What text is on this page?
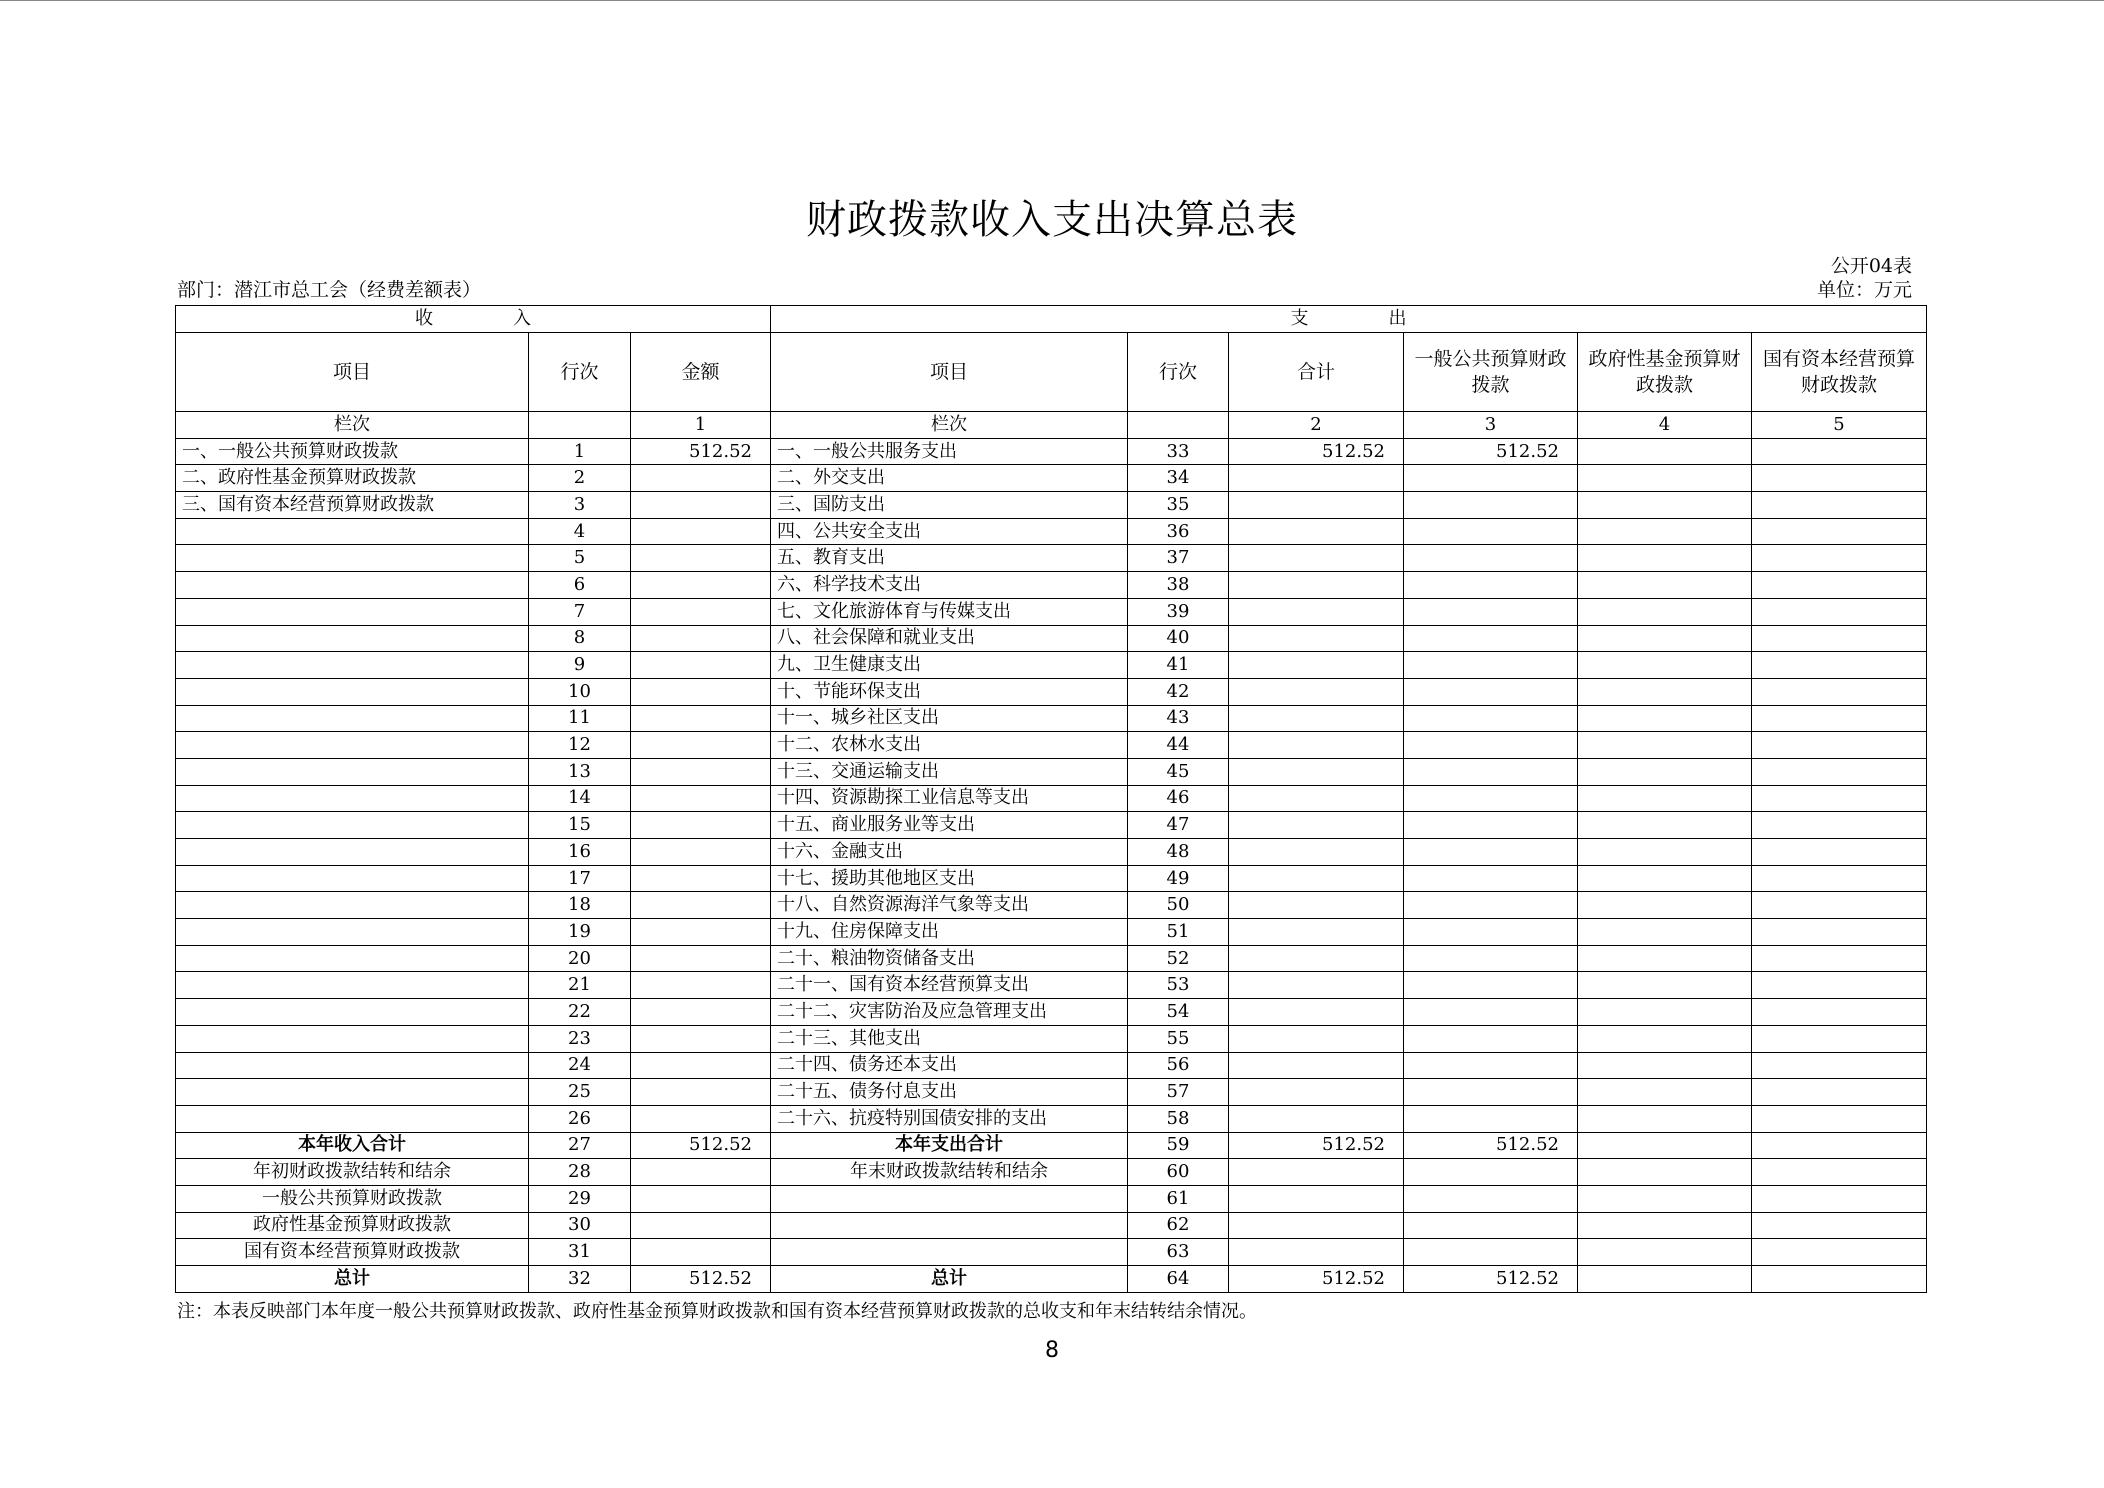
财政拨款收入支出决算总表
公开04表
部门：潜江市总工会（经费差额表）	单位：万元
收 入			支 出					
项目	行次	金额	项目	行次	合计	一般公共预算财政拨款	政府性基金预算财政拨款	国有资本经营预算财政拨款
栏次		1	栏次		2	3	4	5
一、一般公共预算财政拨款	1	512.52	一、一般公共服务支出	33	512.52	512.52		
二、政府性基金预算财政拨款	2		二、外交支出	34				
三、国有资本经营预算财政拨款	3		三、国防支出	35				
	4		四、公共安全支出	36				
	5		五、教育支出	37				
	6		六、科学技术支出	38				
	7		七、文化旅游体育与传媒支出	39				
	8		八、社会保障和就业支出	40				
	9		九、卫生健康支出	41				
	10		十、节能环保支出	42				
	11		十一、城乡社区支出	43				
	12		十二、农林水支出	44				
	13		十三、交通运输支出	45				
	14		十四、资源勘探工业信息等支出	46				
	15		十五、商业服务业等支出	47				
	16		十六、金融支出	48				
	17		十七、援助其他地区支出	49				
	18		十八、自然资源海洋气象等支出	50				
	19		十九、住房保障支出	51				
	20		二十、粮油物资储备支出	52				
	21		二十一、国有资本经营预算支出	53				
	22		二十二、灾害防治及应急管理支出	54				
	23		二十三、其他支出	55				
	24		二十四、债务还本支出	56				
	25		二十五、债务付息支出	57				
	26		二十六、抗疫特别国债安排的支出	58				
本年收入合计	27	512.52	本年支出合计	59	512.52	512.52		
年初财政拨款结转和结余	28		年末财政拨款结转和结余	60				
一般公共预算财政拨款	29			61				
政府性基金预算财政拨款	30			62				
国有资本经营预算财政拨款	31			63				
总计	32	512.52	总计	64	512.52	512.52		
注：本表反映部门本年度一般公共预算财政拨款、政府性基金预算财政拨款和国有资本经营预算财政拨款的总收支和年末结转结余情况。
8
